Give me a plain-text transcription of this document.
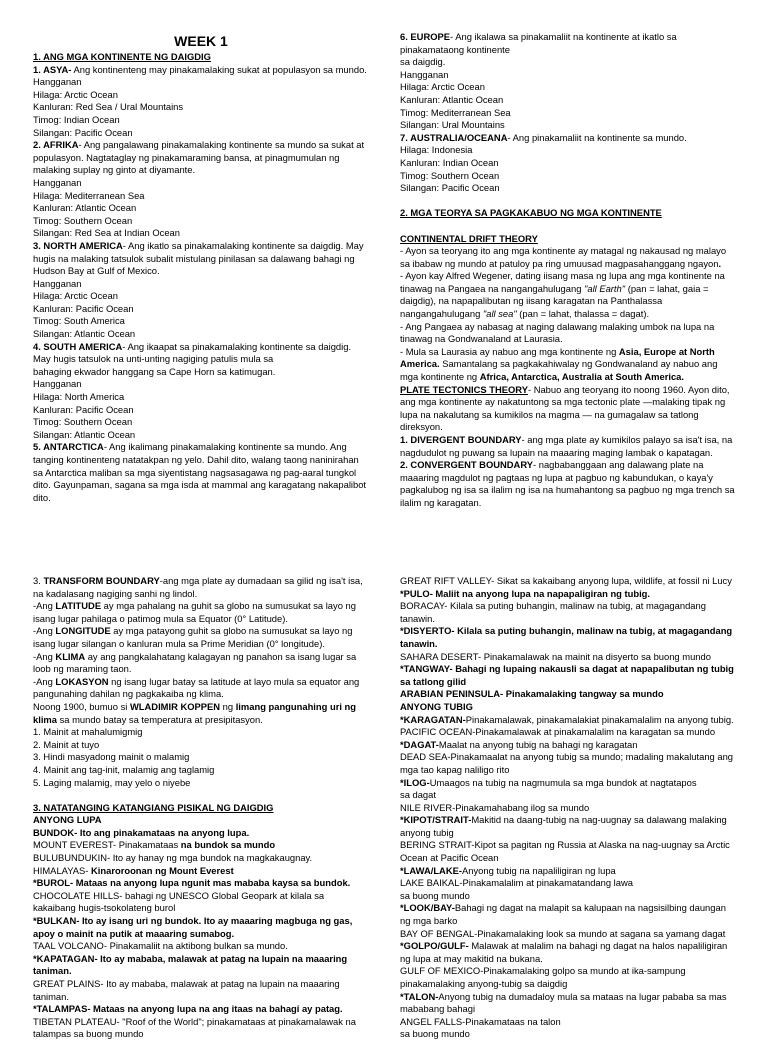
WEEK 1

1. ANG MGA KONTINENTE NG DAIGDIG

1. ASYA- Ang kontinenteng may pinakamalaking sukat at populasyon sa mundo.

Hangganan

Hilaga: Arctic Ocean

Kanluran: Red Sea / Ural Mountains

Timog: Indian Ocean

Silangan: Pacific Ocean

2. AFRIKA- Ang pangalawang pinakamalaking kontinente sa mundo sa sukat at populasyon. Nagtataglay ng pinakamaraming bansa, at pinagmumulan ng malaking suplay ng ginto at diyamante.

Hangganan

Hilaga: Mediterranean Sea

Kanluran: Atlantic Ocean

Timog: Southern Ocean

Silangan: Red Sea at Indian Ocean

3. NORTH AMERICA- Ang ikatlo sa pinakamalaking kontinente sa daigdig. May hugis na malaking tatsulok subalit mistulang pinilasan sa dalawang bahagi ng Hudson Bay at Gulf of Mexico.

Hangganan

Hilaga: Arctic Ocean

Kanluran: Pacific Ocean

Timog: South America

Silangan: Atlantic Ocean

4. SOUTH AMERICA- Ang ikaapat sa pinakamalaking kontinente sa daigdig. May hugis tatsulok na unti-unting nagiging patulis mula sa
bahaging ekwador hanggang sa Cape Horn sa katimugan.

Hangganan

Hilaga: North America

Kanluran: Pacific Ocean

Timog: Southern Ocean

Silangan: Atlantic Ocean

5. ANTARCTICA- Ang ikalimang pinakamalaking kontinente sa mundo. Ang tanging kontinenteng natatakpan ng yelo. Dahil dito, walang taong naninirahan sa Antarctica maliban sa mga siyentistang nagsasagawa ng pag-aaral tungkol dito. Gayunpaman, sagana sa mga isda at mammal ang karagatang nakapalibot dito.

6. EUROPE- Ang ikalawa sa pinakamaliit na kontinente at ikatlo sa pinakamataong kontinente
sa daigdig.

Hangganan

Hilaga: Arctic Ocean

Kanluran: Atlantic Ocean

Timog: Mediterranean Sea

Silangan: Ural Mountains

7. AUSTRALIA/OCEANA- Ang pinakamaliit na kontinente sa mundo.

Hilaga: Indonesia

Kanluran: Indian Ocean

Timog: Southern Ocean

Silangan: Pacific Ocean

2. MGA TEORYA SA PAGKAKABUO NG MGA KONTINENTE

CONTINENTAL DRIFT THEORY

- Ayon sa teoryang ito ang mga kontinente ay matagal ng nakausad ng malayo sa ibabaw ng mundo at patuloy pa ring umuusad magpasahanggang ngayon.

- Ayon kay Alfred Wegener, dating iisang masa ng lupa ang mga kontinente na tinawag na Pangaea na nangangahulugang "all Earth" (pan = lahat, gaia = daigdig), na napapalibutan ng iisang karagatan na Panthalassa nangangahulugang "all sea" (pan = lahat, thalassa = dagat).

- Ang Pangaea ay nabasag at naging dalawang malaking umbok na lupa na tinawag na Gondwanaland at Laurasia.

- Mula sa Laurasia ay nabuo ang mga kontinente ng Asia, Europe at North America. Samantalang sa pagkakahiwalay ng Gondwanaland ay nabuo ang mga kontinente ng Africa, Antarctica, Australia at South America.

PLATE TECTONICS THEORY- Nabuo ang teoryang ito noong 1960. Ayon dito, ang mga kontinente ay nakatuntong sa mga tectonic plate —malaking tipak ng lupa na nakalutang sa kumikilos na magma — na gumagalaw sa tatlong direksyon.

1. DIVERGENT BOUNDARY- ang mga plate ay kumikilos palayo sa isa't isa, na nagdudulot ng puwang sa lupain na maaaring maging lambak o kapatagan.

2. CONVERGENT BOUNDARY- nagbabanggaan ang dalawang plate na maaaring magdulot ng pagtaas ng lupa at pagbuo ng kabundukan, o kaya'y pagkalubog ng isa sa ilalim ng isa na humahantong sa pagbuo ng mga trench sa ilalim ng karagatan.

3. TRANSFORM BOUNDARY-ang mga plate ay dumadaan sa gilid ng isa't isa, na kadalasang nagiging sanhi ng lindol.

-Ang LATITUDE ay mga pahalang na guhit sa globo na sumusukat sa layo ng isang lugar pahilaga o patimog mula sa Equator (0° Latitude).

-Ang LONGITUDE ay mga patayong guhit sa globo na sumusukat sa layo ng isang lugar silangan o kanluran mula sa Prime Meridian (0° longitude).

-Ang KLIMA ay ang pangkalahatang kalagayan ng panahon sa isang lugar sa loob ng maraming taon.

-Ang LOKASYON ng isang lugar batay sa latitude at layo mula sa equator ang pangunahing dahilan ng pagkakaiba ng klima.

Noong 1900, bumuo si WLADIMIR KOPPEN ng limang pangunahing uri ng klima sa mundo batay sa temperatura at presipitasyon.

1. Mainit at mahalumigmig

2. Mainit at tuyo

3. Hindi masyadong mainit o malamig

4. Mainit ang tag-init, malamig ang taglamig

5. Laging malamig, may yelo o niyebe

3. NATATANGING KATANGIANG PISIKAL NG DAIGDIG

ANYONG LUPA

BUNDOK- Ito ang pinakamataas na anyong lupa.

MOUNT EVEREST- Pinakamataas na bundok sa mundo

BULUBUNDUKIN- Ito ay hanay ng mga bundok na magkakaugnay.

HIMALAYAS- Kinaroroonan ng Mount Everest

*BUROL- Mataas na anyong lupa ngunit mas mababa kaysa sa bundok.

CHOCOLATE HILLS- bahagi ng UNESCO Global Geopark at kilala sa kakaibang hugis-tsokolateng burol

*BULKAN- Ito ay isang uri ng bundok. Ito ay maaaring magbuga ng gas, apoy o mainit na putik at maaaring sumabog.

TAAL VOLCANO- Pinakamaliit na aktibong bulkan sa mundo.

*KAPATAGAN- Ito ay mababa, malawak at patag na lupain na maaaring taniman.

GREAT PLAINS- Ito ay mababa, malawak at patag na lupain na maaaring taniman.

*TALAMPAS- Mataas na anyong lupa na ang itaas na bahagi ay patag.

TIBETAN PLATEAU- "Roof of the World"; pinakamataas at pinakamalawak na talampas sa buong mundo

GREAT RIFT VALLEY- Sikat sa kakaibang anyong lupa, wildlife, at fossil ni Lucy

*PULO- Maliit na anyong lupa na napapaligiran ng tubig.

BORACAY- Kilala sa puting buhangin, malinaw na tubig, at magagandang tanawin.

*DISYERTO- Kilala sa puting buhangin, malinaw na tubig, at magagandang tanawin.

SAHARA DESERT- Pinakamalawak na mainit na disyerto sa buong mundo

*TANGWAY- Bahagi ng lupaing nakausli sa dagat at napapalibutan ng tubig sa tatlong gilid

ARABIAN PENINSULA- Pinakamalaking tangway sa mundo

ANYONG TUBIG

*KARAGATAN-Pinakamalawak, pinakamalakiat pinakamalalim na anyong tubig.

PACIFIC OCEAN-Pinakamalawak at pinakamalalim na karagatan sa mundo

*DAGAT-Maalat na anyong tubig na bahagi ng karagatan

DEAD SEA-Pinakamaalat na anyong tubig sa mundo; madaling makalutang ang mga tao kapag naliligo rito

*ILOG-Umaagos na tubig na nagmumula sa mga bundok at nagtatapos
sa dagat

NILE RIVER-Pinakamahabang ilog sa mundo

*KIPOT/STRAIT-Makitid na daang-tubig na nag-uugnay sa dalawang malaking anyong tubig

BERING STRAIT-Kipot sa pagitan ng Russia at Alaska na nag-uugnay sa Arctic Ocean at Pacific Ocean

*LAWA/LAKE-Anyong tubig na napaliligiran ng lupa

LAKE BAIKAL-Pinakamalalim at pinakamatandang lawa
sa buong mundo

*LOOK/BAY-Bahagi ng dagat na malapit sa kalupaan na nagsisilbing daungan ng mga barko

BAY OF BENGAL-Pinakamalaking look sa mundo at sagana sa yamang dagat

*GOLPO/GULF- Malawak at malalim na bahagi ng dagat na halos napaliligiran ng lupa at may makitid na bukana.

GULF OF MEXICO-Pinakamalaking golpo sa mundo at ika-sampung pinakamalaking anyong-tubig sa daigdig

*TALON-Anyong tubig na dumadaloy mula sa mataas na lugar pababa sa mas mababang bahagi

ANGEL FALLS-Pinakamataas na talon
sa buong mundo
